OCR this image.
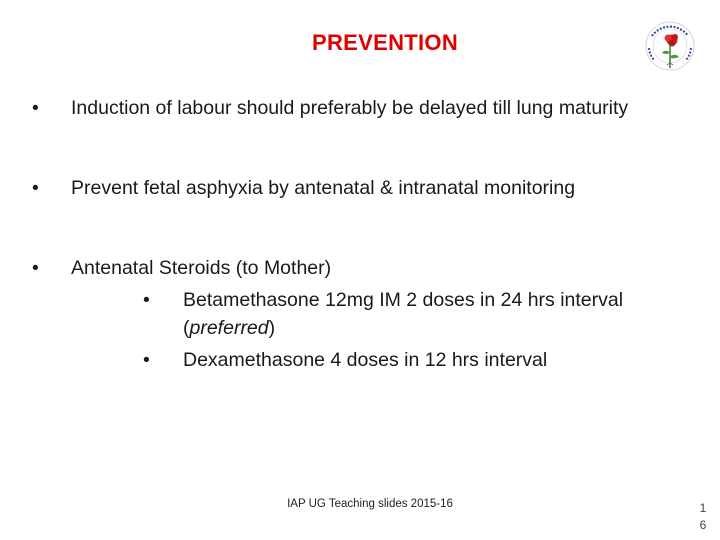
PREVENTION
• Induction of labour should preferably be delayed till lung maturity
• Prevent fetal asphyxia by antenatal & intranatal monitoring
• Antenatal Steroids (to Mother)
• Betamethasone 12mg IM 2 doses in 24 hrs interval (preferred)
• Dexamethasone 4 doses in 12 hrs interval
IAP UG Teaching slides 2015-16	1
6
